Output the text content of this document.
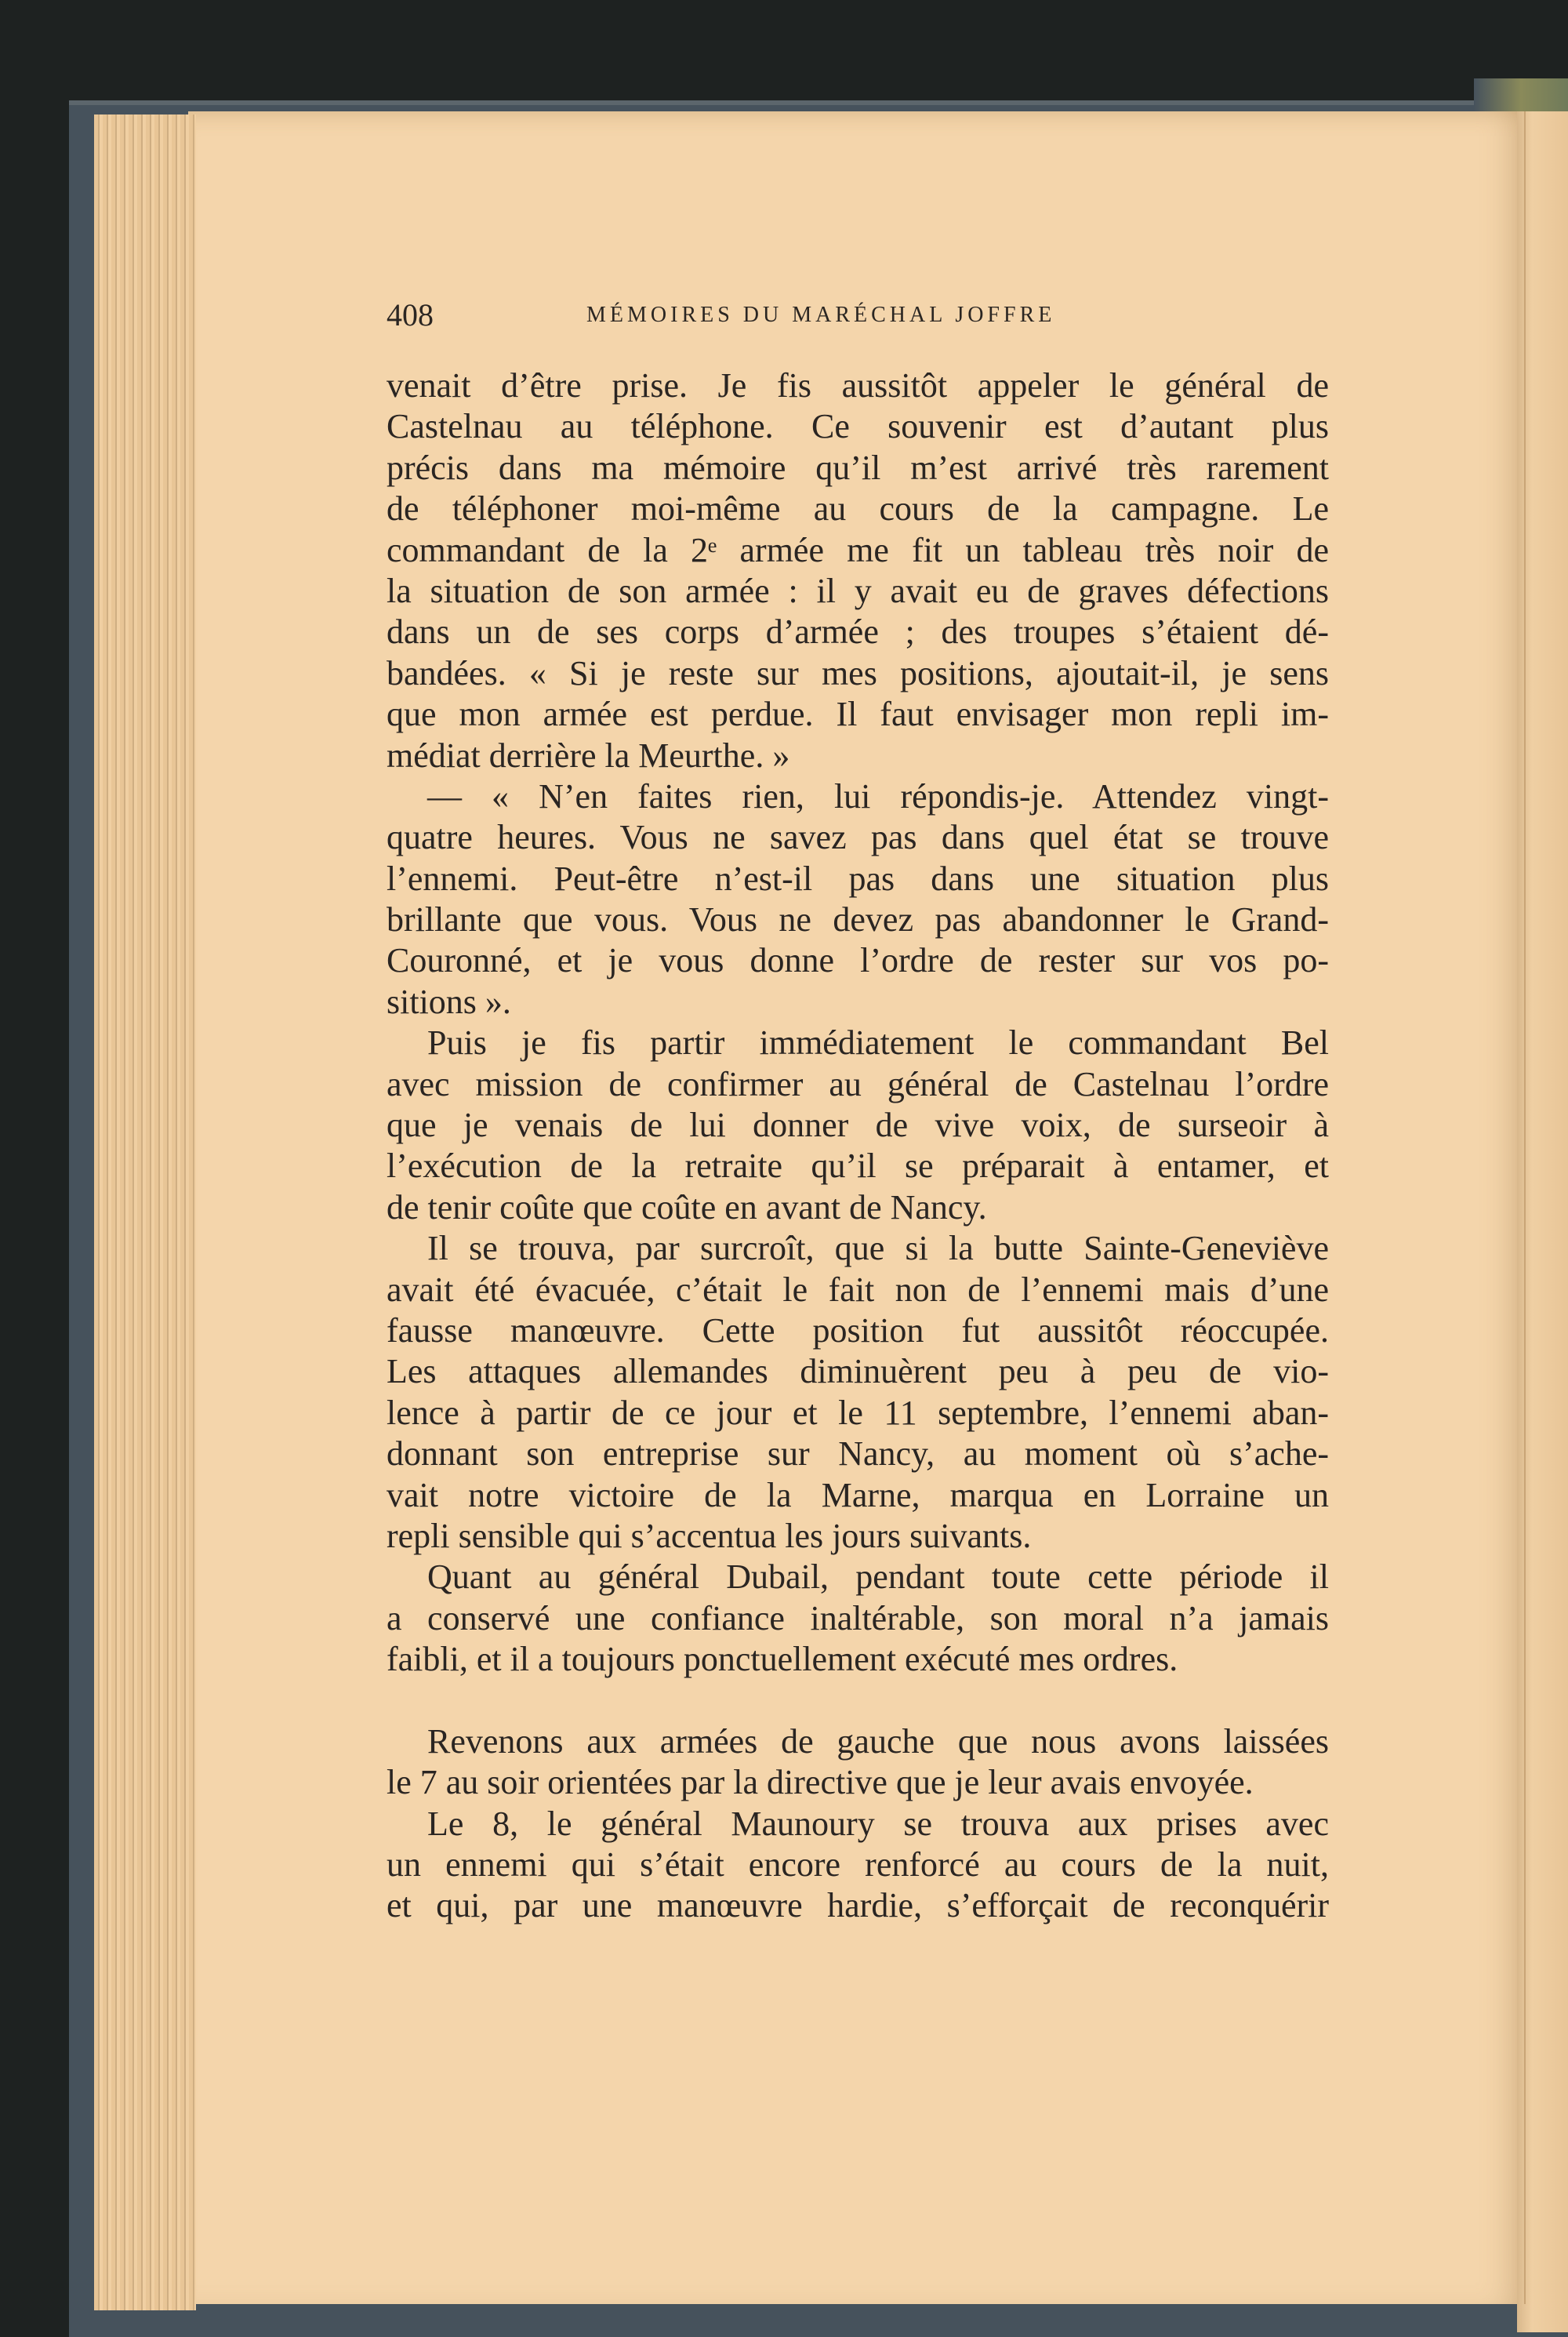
408	MÉMOIRES DU MARÉCHAL JOFFRE
venait d’être prise. Je fis aussitôt appeler le général de
Castelnau au téléphone. Ce souvenir est d’autant plus
précis dans ma mémoire qu’il m’est arrivé très rarement
de téléphoner moi-même au cours de la campagne. Le
commandant de la 2ᵉ armée me fit un tableau très noir de
la situation de son armée : il y avait eu de graves défections
dans un de ses corps d’armée ; des troupes s’étaient dé-
bandées. « Si je reste sur mes positions, ajoutait-il, je sens
que mon armée est perdue. Il faut envisager mon repli im-
médiat derrière la Meurthe. »
— « N’en faites rien, lui répondis-je. Attendez vingt-
quatre heures. Vous ne savez pas dans quel état se trouve
l’ennemi. Peut-être n’est-il pas dans une situation plus
brillante que vous. Vous ne devez pas abandonner le Grand-
Couronné, et je vous donne l’ordre de rester sur vos po-
sitions ».
Puis je fis partir immédiatement le commandant Bel
avec mission de confirmer au général de Castelnau l’ordre
que je venais de lui donner de vive voix, de surseoir à
l’exécution de la retraite qu’il se préparait à entamer, et
de tenir coûte que coûte en avant de Nancy.
Il se trouva, par surcroît, que si la butte Sainte-Geneviève
avait été évacuée, c’était le fait non de l’ennemi mais d’une
fausse manœuvre. Cette position fut aussitôt réoccupée.
Les attaques allemandes diminuèrent peu à peu de vio-
lence à partir de ce jour et le 11 septembre, l’ennemi aban-
donnant son entreprise sur Nancy, au moment où s’ache-
vait notre victoire de la Marne, marqua en Lorraine un
repli sensible qui s’accentua les jours suivants.
Quant au général Dubail, pendant toute cette période il
a conservé une confiance inaltérable, son moral n’a jamais
faibli, et il a toujours ponctuellement exécuté mes ordres.
Revenons aux armées de gauche que nous avons laissées
le 7 au soir orientées par la directive que je leur avais envoyée.
Le 8, le général Maunoury se trouva aux prises avec
un ennemi qui s’était encore renforcé au cours de la nuit,
et qui, par une manœuvre hardie, s’efforçait de reconquérir
